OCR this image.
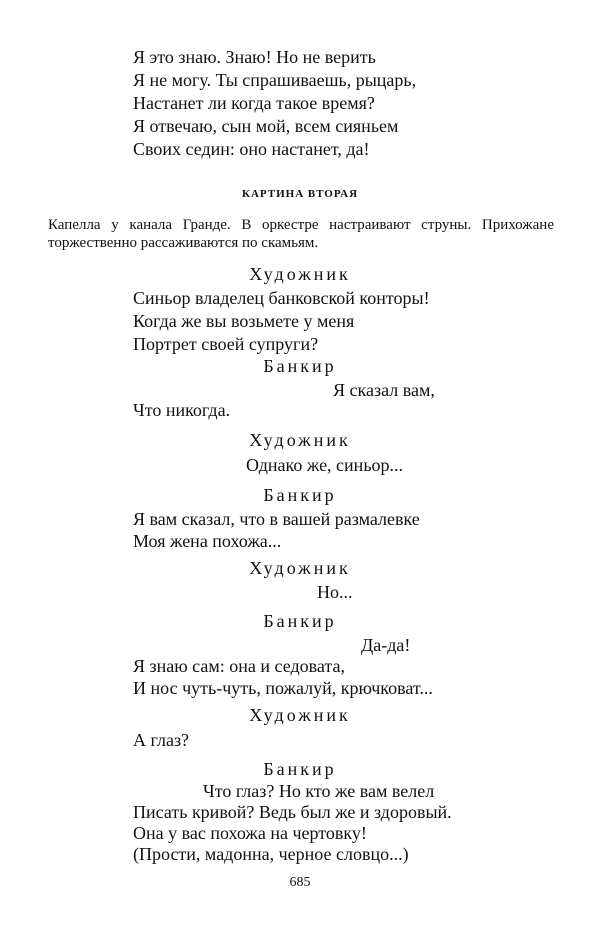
Я это знаю. Знаю! Но не верить
Я не могу. Ты спрашиваешь, рыцарь,
Настанет ли когда такое время?
Я отвечаю, сын мой, всем сияньем
Своих седин: оно настанет, да!
КАРТИНА ВТОРАЯ
Капелла у канала Гранде. В оркестре настраивают струны. Прихожане торжественно рассаживаются по скамьям.
Художник
Синьор владелец банковской конторы!
Когда же вы возьмете у меня
Портрет своей супруги?
Банкир
Я сказал вам,
Что никогда.
Художник
Однако же, синьор...
Банкир
Я вам сказал, что в вашей размалевке
Моя жена похожа...
Художник
Но...
Банкир
Да-да!
Я знаю сам: она и седовата,
И нос чуть-чуть, пожалуй, крючковат...
Художник
А глаз?
Банкир
Что глаз? Но кто же вам велел
Писать кривой? Ведь был же и здоровый.
Она у вас похожа на чертовку!
(Прости, мадонна, черное словцо...)
685
